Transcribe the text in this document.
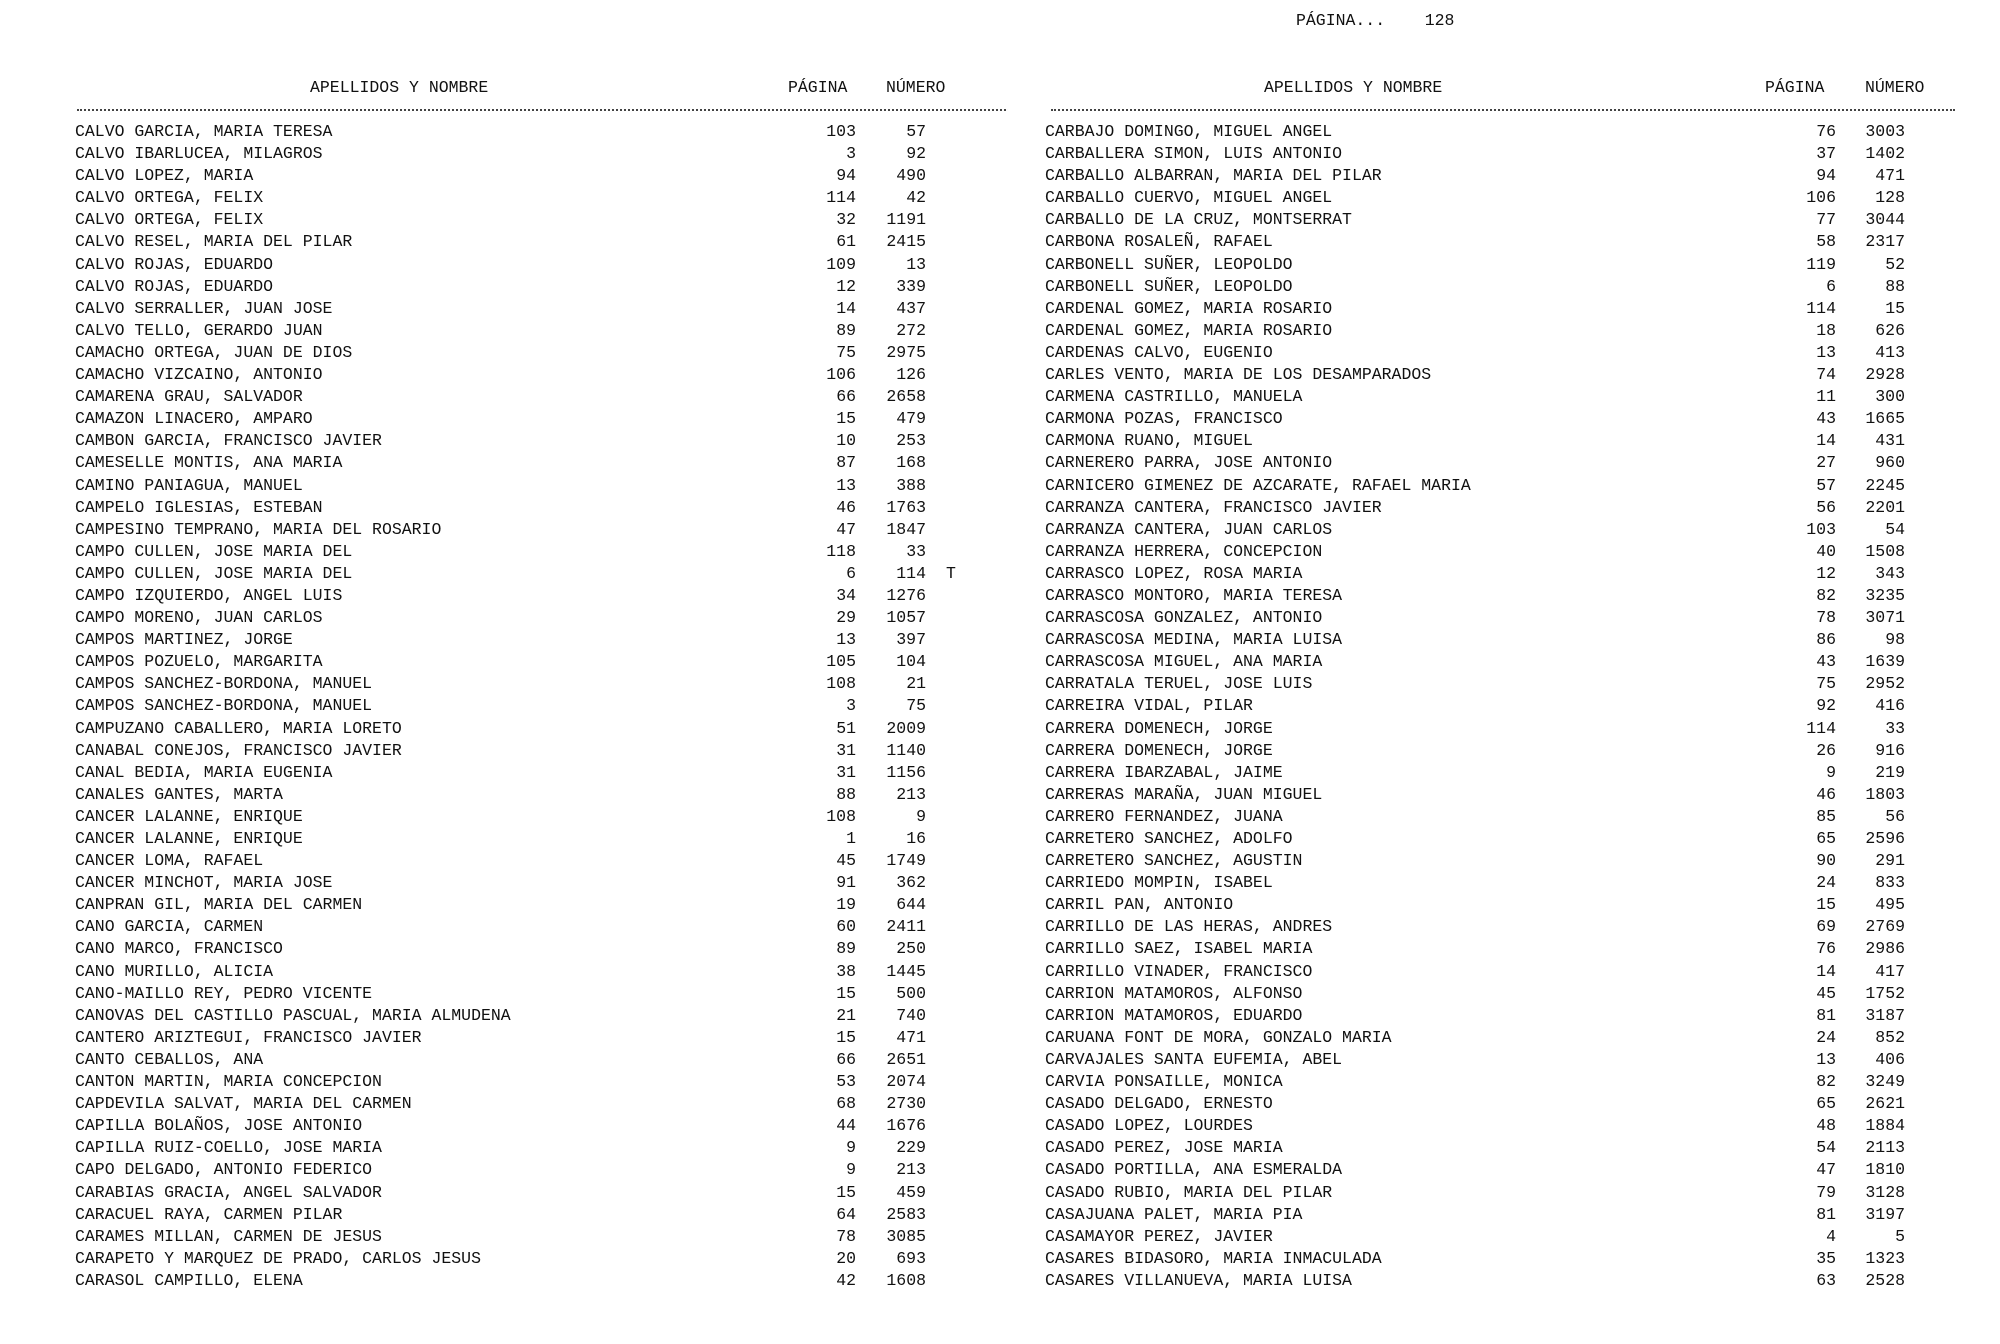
PÁGINA... 128
APELLIDOS Y NOMBRE	PÁGINA NÚMERO	APELLIDOS Y NOMBRE	PÁGINA NÚMERO
CALVO GARCIA, MARIA TERESA	103	57
CALVO IBARLUCEA, MILAGROS	3	92
CALVO LOPEZ, MARIA	94	490
CALVO ORTEGA, FELIX	114	42
CALVO ORTEGA, FELIX	32	1191
CALVO RESEL, MARIA DEL PILAR	61	2415
CALVO ROJAS, EDUARDO	109	13
CALVO ROJAS, EDUARDO	12	339
CALVO SERRALLER, JUAN JOSE	14	437
CALVO TELLO, GERARDO JUAN	89	272
CAMACHO ORTEGA, JUAN DE DIOS	75	2975
CAMACHO VIZCAINO, ANTONIO	106	126
CAMARENA GRAU, SALVADOR	66	2658
CAMAZON LINACERO, AMPARO	15	479
CAMBON GARCIA, FRANCISCO JAVIER	10	253
CAMESELLE MONTIS, ANA MARIA	87	168
CAMINO PANIAGUA, MANUEL	13	388
CAMPELO IGLESIAS, ESTEBAN	46	1763
CAMPESINO TEMPRANO, MARIA DEL ROSARIO	47	1847
CAMPO CULLEN, JOSE MARIA DEL	118	33
CAMPO CULLEN, JOSE MARIA DEL	6	114 T
CAMPO IZQUIERDO, ANGEL LUIS	34	1276
CAMPO MORENO, JUAN CARLOS	29	1057
CAMPOS MARTINEZ, JORGE	13	397
CAMPOS POZUELO, MARGARITA	105	104
CAMPOS SANCHEZ-BORDONA, MANUEL	108	21
CAMPOS SANCHEZ-BORDONA, MANUEL	3	75
CAMPUZANO CABALLERO, MARIA LORETO	51	2009
CANABAL CONEJOS, FRANCISCO JAVIER	31	1140
CANAL BEDIA, MARIA EUGENIA	31	1156
CANALES GANTES, MARTA	88	213
CANCER LALANNE, ENRIQUE	108	9
CANCER LALANNE, ENRIQUE	1	16
CANCER LOMA, RAFAEL	45	1749
CANCER MINCHOT, MARIA JOSE	91	362
CANPRAN GIL, MARIA DEL CARMEN	19	644
CANO GARCIA, CARMEN	60	2411
CANO MARCO, FRANCISCO	89	250
CANO MURILLO, ALICIA	38	1445
CANO-MAILLO REY, PEDRO VICENTE	15	500
CANOVAS DEL CASTILLO PASCUAL, MARIA ALMUDENA	21	740
CANTERO ARIZTEGUI, FRANCISCO JAVIER	15	471
CANTO CEBALLOS, ANA	66	2651
CANTON MARTIN, MARIA CONCEPCION	53	2074
CAPDEVILA SALVAT, MARIA DEL CARMEN	68	2730
CAPILLA BOLAÑOS, JOSE ANTONIO	44	1676
CAPILLA RUIZ-COELLO, JOSE MARIA	9	229
CAPO DELGADO, ANTONIO FEDERICO	9	213
CARABIAS GRACIA, ANGEL SALVADOR	15	459
CARACUEL RAYA, CARMEN PILAR	64	2583
CARAMES MILLAN, CARMEN DE JESUS	78	3085
CARAPETO Y MARQUEZ DE PRADO, CARLOS JESUS	20	693
CARASOL CAMPILLO, ELENA	42	1608
CARBAJO DOMINGO, MIGUEL ANGEL	76	3003
CARBALLERA SIMON, LUIS ANTONIO	37	1402
CARBALLO ALBARRAN, MARIA DEL PILAR	94	471
CARBALLO CUERVO, MIGUEL ANGEL	106	128
CARBALLO DE LA CRUZ, MONTSERRAT	77	3044
CARBONA ROSALEÑ, RAFAEL	58	2317
CARBONELL SUÑER, LEOPOLDO	119	52
CARBONELL SUÑER, LEOPOLDO	6	88
CARDENAL GOMEZ, MARIA ROSARIO	114	15
CARDENAL GOMEZ, MARIA ROSARIO	18	626
CARDENAS CALVO, EUGENIO	13	413
CARLES VENTO, MARIA DE LOS DESAMPARADOS	74	2928
CARMENA CASTRILLO, MANUELA	11	300
CARMONA POZAS, FRANCISCO	43	1665
CARMONA RUANO, MIGUEL	14	431
CARNERERO PARRA, JOSE ANTONIO	27	960
CARNICERO GIMENEZ DE AZCARATE, RAFAEL MARIA	57	2245
CARRANZA CANTERA, FRANCISCO JAVIER	56	2201
CARRANZA CANTERA, JUAN CARLOS	103	54
CARRANZA HERRERA, CONCEPCION	40	1508
CARRASCO LOPEZ, ROSA MARIA	12	343
CARRASCO MONTORO, MARIA TERESA	82	3235
CARRASCOSA GONZALEZ, ANTONIO	78	3071
CARRASCOSA MEDINA, MARIA LUISA	86	98
CARRASCOSA MIGUEL, ANA MARIA	43	1639
CARRATALA TERUEL, JOSE LUIS	75	2952
CARREIRA VIDAL, PILAR	92	416
CARRERA DOMENECH, JORGE	114	33
CARRERA DOMENECH, JORGE	26	916
CARRERA IBARZABAL, JAIME	9	219
CARRERAS MARAÑA, JUAN MIGUEL	46	1803
CARRERO FERNANDEZ, JUANA	85	56
CARRETERO SANCHEZ, ADOLFO	65	2596
CARRETERO SANCHEZ, AGUSTIN	90	291
CARRIEDO MOMPIN, ISABEL	24	833
CARRIL PAN, ANTONIO	15	495
CARRILLO DE LAS HERAS, ANDRES	69	2769
CARRILLO SAEZ, ISABEL MARIA	76	2986
CARRILLO VINADER, FRANCISCO	14	417
CARRION MATAMOROS, ALFONSO	45	1752
CARRION MATAMOROS, EDUARDO	81	3187
CARUANA FONT DE MORA, GONZALO MARIA	24	852
CARVAJALES SANTA EUFEMIA, ABEL	13	406
CARVIA PONSAILLE, MONICA	82	3249
CASADO DELGADO, ERNESTO	65	2621
CASADO LOPEZ, LOURDES	48	1884
CASADO PEREZ, JOSE MARIA	54	2113
CASADO PORTILLA, ANA ESMERALDA	47	1810
CASADO RUBIO, MARIA DEL PILAR	79	3128
CASAJUANA PALET, MARIA PIA	81	3197
CASAMAYOR PEREZ, JAVIER	4	5
CASARES BIDASORO, MARIA INMACULADA	35	1323
CASARES VILLANUEVA, MARIA LUISA	63	2528
